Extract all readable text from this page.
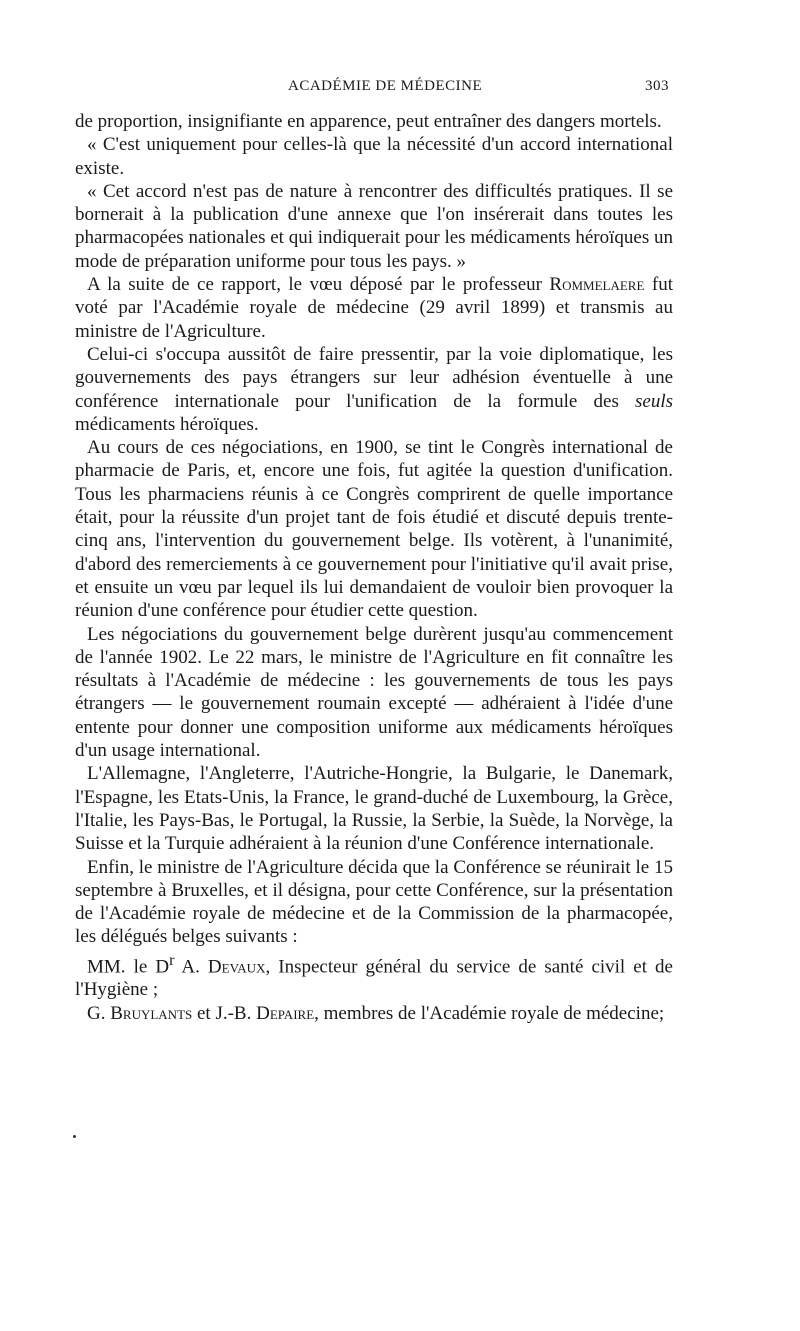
ACADÉMIE DE MÉDECINE	303

de proportion, insignifiante en apparence, peut entraîner des dangers mortels.

« C'est uniquement pour celles-là que la nécessité d'un accord international existe.

« Cet accord n'est pas de nature à rencontrer des difficultés pratiques. Il se bornerait à la publication d'une annexe que l'on insérerait dans toutes les pharmacopées nationales et qui indiquerait pour les médicaments héroïques un mode de préparation uniforme pour tous les pays. »

A la suite de ce rapport, le vœu déposé par le professeur Rommelaere fut voté par l'Académie royale de médecine (29 avril 1899) et transmis au ministre de l'Agriculture.

Celui-ci s'occupa aussitôt de faire pressentir, par la voie diplomatique, les gouvernements des pays étrangers sur leur adhésion éventuelle à une conférence internationale pour l'unification de la formule des seuls médicaments héroïques.

Au cours de ces négociations, en 1900, se tint le Congrès international de pharmacie de Paris, et, encore une fois, fut agitée la question d'unification. Tous les pharmaciens réunis à ce Congrès comprirent de quelle importance était, pour la réussite d'un projet tant de fois étudié et discuté depuis trente-cinq ans, l'intervention du gouvernement belge. Ils votèrent, à l'unanimité, d'abord des remerciements à ce gouvernement pour l'initiative qu'il avait prise, et ensuite un vœu par lequel ils lui demandaient de vouloir bien provoquer la réunion d'une conférence pour étudier cette question.

Les négociations du gouvernement belge durèrent jusqu'au commencement de l'année 1902. Le 22 mars, le ministre de l'Agriculture en fit connaître les résultats à l'Académie de médecine : les gouvernements de tous les pays étrangers — le gouvernement roumain excepté — adhéraient à l'idée d'une entente pour donner une composition uniforme aux médicaments héroïques d'un usage international.

L'Allemagne, l'Angleterre, l'Autriche-Hongrie, la Bulgarie, le Danemark, l'Espagne, les Etats-Unis, la France, le grand-duché de Luxembourg, la Grèce, l'Italie, les Pays-Bas, le Portugal, la Russie, la Serbie, la Suède, la Norvège, la Suisse et la Turquie adhéraient à la réunion d'une Conférence internationale.

Enfin, le ministre de l'Agriculture décida que la Conférence se réunirait le 15 septembre à Bruxelles, et il désigna, pour cette Conférence, sur la présentation de l'Académie royale de médecine et de la Commission de la pharmacopée, les délégués belges suivants :

MM. le $D^r$ A. Devaux, Inspecteur général du service de santé civil et de l'Hygiène ;

G. Bruylants et J.-B. Depaire, membres de l'Académie royale de médecine;
